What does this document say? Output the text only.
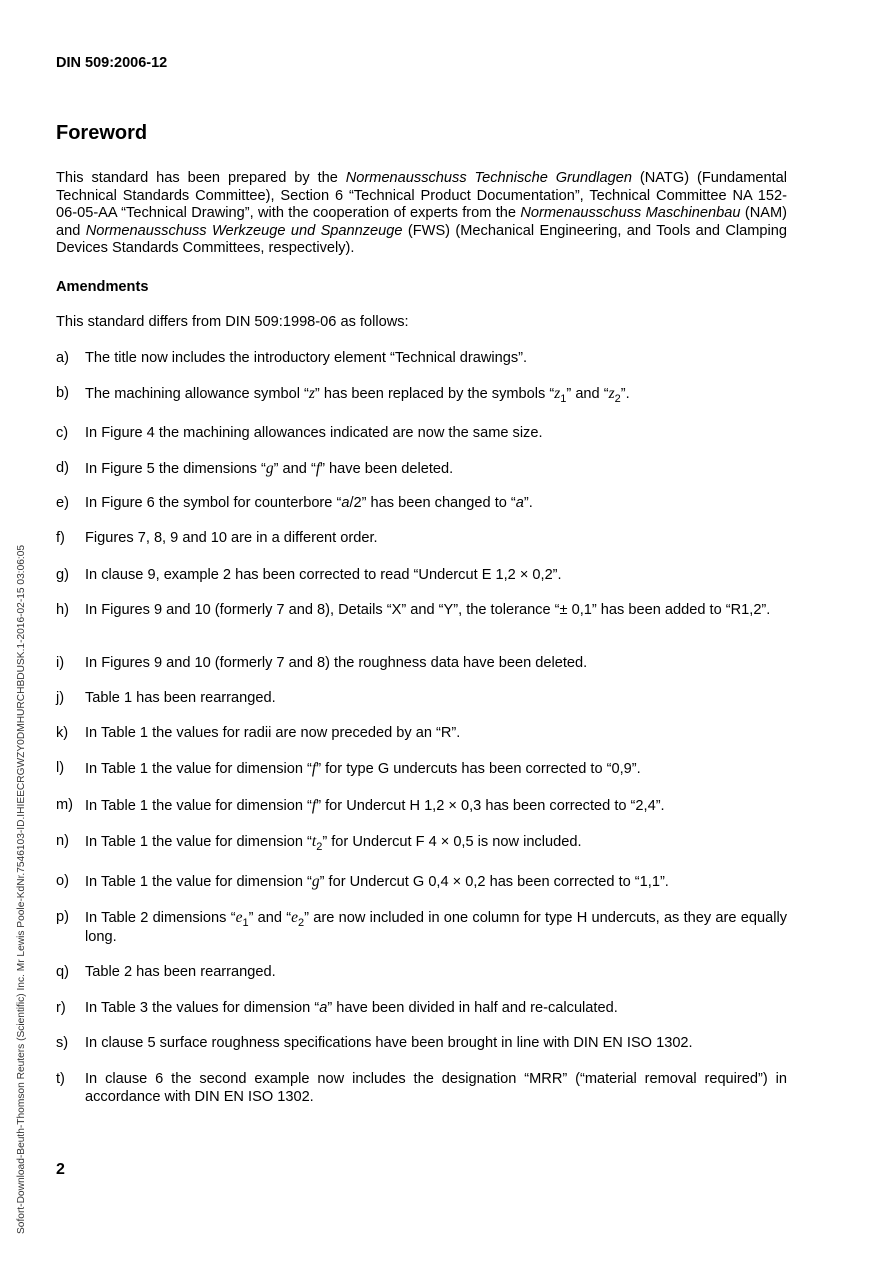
DIN 509:2006-12
Foreword

This standard has been prepared by the Normenausschuss Technische Grundlagen (NATG) (Fundamental Technical Standards Committee), Section 6 “Technical Product Documentation”, Technical Committee NA 152-06-05-AA “Technical Drawing”, with the cooperation of experts from the Normenausschuss Maschinenbau (NAM) and Normenausschuss Werkzeuge und Spannzeuge (FWS) (Mechanical Engineering, and Tools and Clamping Devices Standards Committees, respectively).

Amendments

This standard differs from DIN 509:1998-06 as follows:

a) The title now includes the introductory element “Technical drawings”.
b) The machining allowance symbol “z” has been replaced by the symbols “$z_1$” and “$z_2$”.
c) In Figure 4 the machining allowances indicated are now the same size.
d) In Figure 5 the dimensions “g” and “f” have been deleted.
e) In Figure 6 the symbol for counterbore “a/2” has been changed to “a”.
f) Figures 7, 8, 9 and 10 are in a different order.
g) In clause 9, example 2 has been corrected to read “Undercut E 1,2 × 0,2”.
h) In Figures 9 and 10 (formerly 7 and 8), Details “X” and “Y”, the tolerance “± 0,1” has been added to “R1,2”.
i) In Figures 9 and 10 (formerly 7 and 8) the roughness data have been deleted.
j) Table 1 has been rearranged.
k) In Table 1 the values for radii are now preceded by an “R”.
l) In Table 1 the value for dimension “f” for type G undercuts has been corrected to “0,9”.
m) In Table 1 the value for dimension “f” for Undercut H 1,2 × 0,3 has been corrected to “2,4”.
n) In Table 1 the value for dimension “$t_2$” for Undercut F 4 × 0,5 is now included.
o) In Table 1 the value for dimension “g” for Undercut G 0,4 × 0,2 has been corrected to “1,1”.
p) In Table 2 dimensions “$e_1$” and “$e_2$” are now included in one column for type H undercuts, as they are equally long.
q) Table 2 has been rearranged.
r) In Table 3 the values for dimension “a” have been divided in half and re-calculated.
s) In clause 5 surface roughness specifications have been brought in line with DIN EN ISO 1302.
t) In clause 6 the second example now includes the designation “MRR” (“material removal required”) in accordance with DIN EN ISO 1302.
2
Sofort-Download-Beuth-Thomson Reuters (Scientific) Inc. Mr Lewis Poole-KdNr.7546103-ID.IHIEECRGWZY0DMHURCHBDUSK.1-2016-02-15 03:06:05
